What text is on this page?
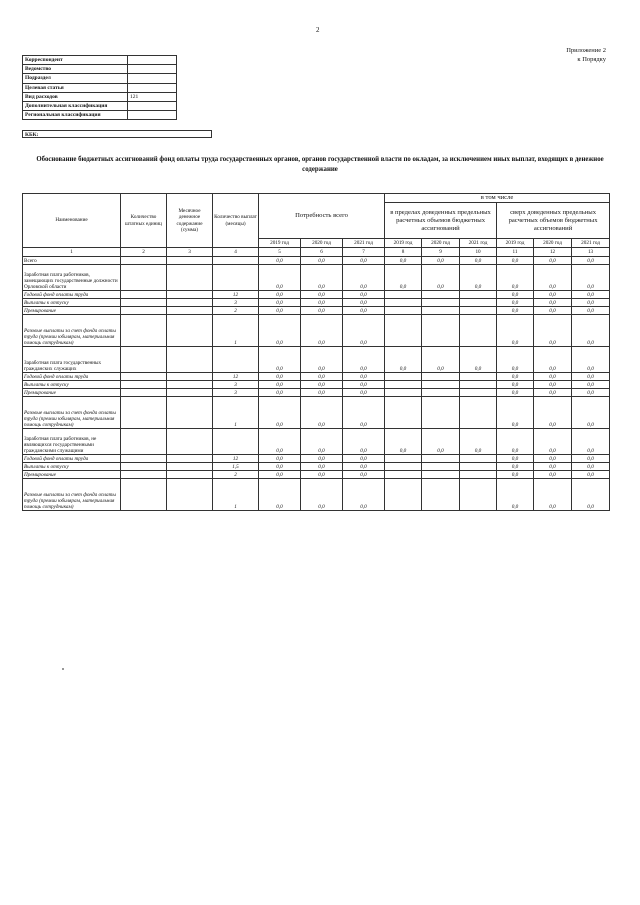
2
Приложение 2
к Порядку
Корреспондент	
Ведомство	
Подраздел	
Целевая статья	
Вид расходов	121
Дополнительная классификация	
Региональная классификация	
КБК:
Обоснование бюджетных ассигнований фонд оплаты труда государственных органов, органов государственной власти по окладам, за исключением иных выплат, входящих в денежное содержание
Наименование	Количество штатных единиц	Месячное денежное содержание (сумма)	Количество выплат (месяцы)	Потребность всего			в том числе					
							в пределах доведенных предельных расчетных объемов бюджетных ассигнований			сверх доведенных предельных расчетных объемов бюджетных ассигнований		
				2019 год	2020 год	2021 год	2019 год	2020 год	2021 год	2019 год	2020 год	2021 год
1	2	3	4	5	6	7	8	9	10	11	12	13
Всего				0,0	0,0	0,0	0,0	0,0	0,0	0,0	0,0	0,0
Заработная плата работников, замещающих государственные должности Орловской области				0,0	0,0	0,0	0,0	0,0	0,0	0,0	0,0	0,0
Годовой фонд оплаты труда			12	0,0	0,0	0,0				0,0	0,0	0,0
Выплаты к отпуску			3	0,0	0,0	0,0				0,0	0,0	0,0
Премирование			2	0,0	0,0	0,0				0,0	0,0	0,0
Разовые выплаты за счет фонда оплаты труда (премии юбилярам, материальная помощь сотрудникам)			1	0,0	0,0	0,0				0,0	0,0	0,0
Заработная плата государственных гражданских служащих				0,0	0,0	0,0	0,0	0,0	0,0	0,0	0,0	0,0
Годовой фонд оплаты труда			12	0,0	0,0	0,0				0,0	0,0	0,0
Выплаты к отпуску			3	0,0	0,0	0,0				0,0	0,0	0,0
Премирование			3	0,0	0,0	0,0				0,0	0,0	0,0
Разовые выплаты за счет фонда оплаты труда (премии юбилярам, материальная помощь сотрудникам)			1	0,0	0,0	0,0				0,0	0,0	0,0
Заработная плата работников, не являющихся государственными гражданскими служащими				0,0	0,0	0,0	0,0	0,0	0,0	0,0	0,0	0,0
Годовой фонд оплаты труда			12	0,0	0,0	0,0				0,0	0,0	0,0
Выплаты к отпуску			1,5	0,0	0,0	0,0				0,0	0,0	0,0
Премирование			2	0,0	0,0	0,0				0,0	0,0	0,0
Разовые выплаты за счет фонда оплаты труда (премии юбилярам, материальная помощь сотрудникам)			1	0,0	0,0	0,0				0,0	0,0	0,0
